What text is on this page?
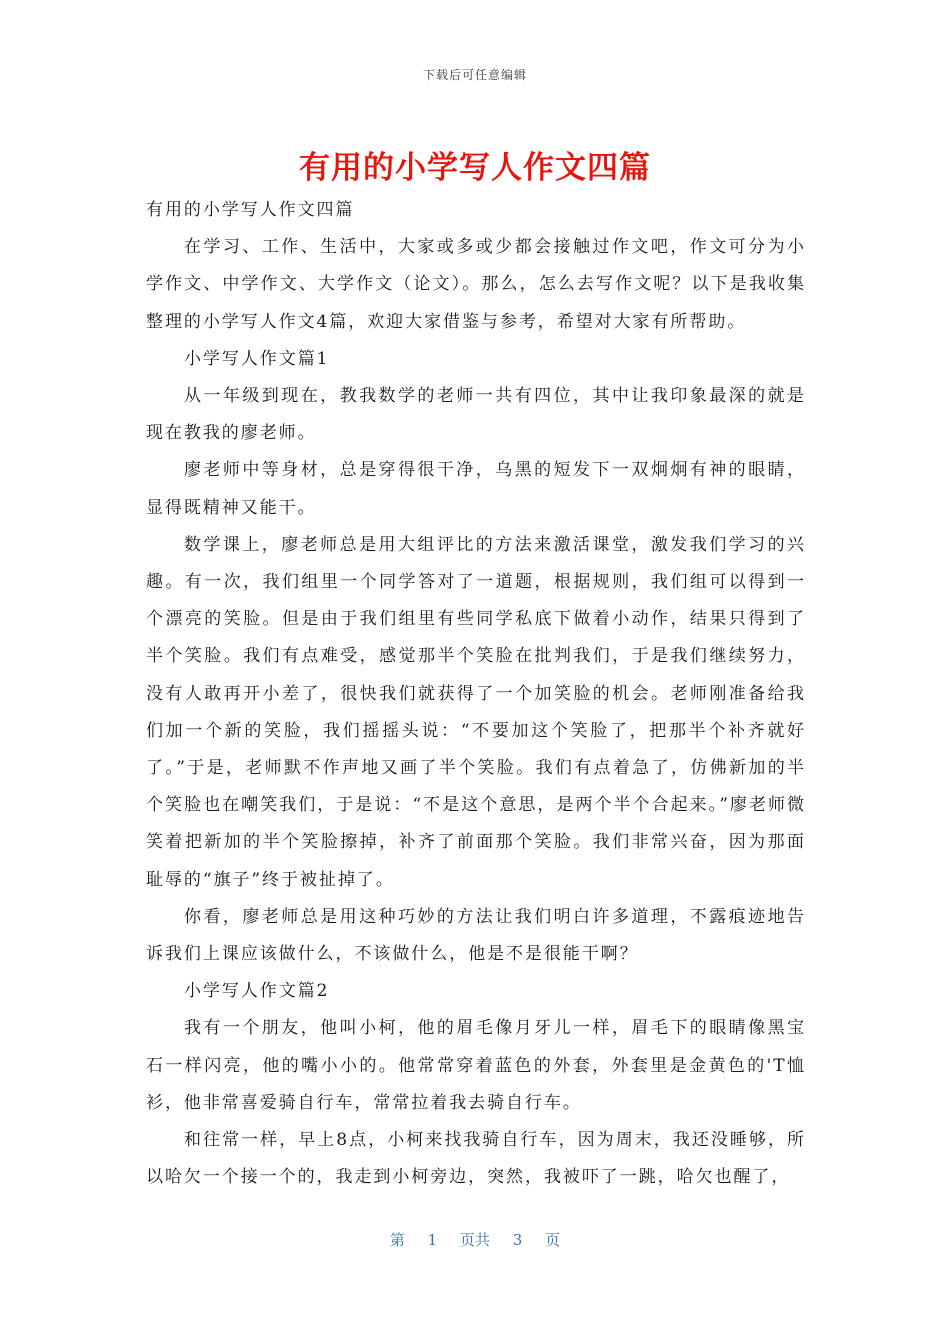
下载后可任意编辑
有用的小学写人作文四篇

有用的小学写人作文四篇

在学习、工作、生活中，大家或多或少都会接触过作文吧，作文可分为小学作文、中学作文、大学作文（论文）。那么，怎么去写作文呢？以下是我收集整理的小学写人作文4篇，欢迎大家借鉴与参考，希望对大家有所帮助。

小学写人作文篇1

从一年级到现在，教我数学的老师一共有四位，其中让我印象最深的就是现在教我的廖老师。

廖老师中等身材，总是穿得很干净，乌黑的短发下一双炯炯有神的眼睛，显得既精神又能干。

数学课上，廖老师总是用大组评比的方法来激活课堂，激发我们学习的兴趣。有一次，我们组里一个同学答对了一道题，根据规则，我们组可以得到一个漂亮的笑脸。但是由于我们组里有些同学私底下做着小动作，结果只得到了半个笑脸。我们有点难受，感觉那半个笑脸在批判我们，于是我们继续努力，没有人敢再开小差了，很快我们就获得了一个加笑脸的机会。老师刚准备给我们加一个新的笑脸，我们摇摇头说：“不要加这个笑脸了，把那半个补齐就好了。”于是，老师默不作声地又画了半个笑脸。我们有点着急了，仿佛新加的半个笑脸也在嘲笑我们，于是说：“不是这个意思，是两个半个合起来。”廖老师微笑着把新加的半个笑脸擦掉，补齐了前面那个笑脸。我们非常兴奋，因为那面耻辱的“旗子”终于被扯掉了。

你看，廖老师总是用这种巧妙的方法让我们明白许多道理，不露痕迹地告诉我们上课应该做什么，不该做什么，他是不是很能干啊？

小学写人作文篇2

我有一个朋友，他叫小柯，他的眉毛像月牙儿一样，眉毛下的眼睛像黑宝石一样闪亮，他的嘴小小的。他常常穿着蓝色的外套，外套里是金黄色的'T恤衫，他非常喜爱骑自行车，常常拉着我去骑自行车。

和往常一样，早上8点，小柯来找我骑自行车，因为周末，我还没睡够，所以哈欠一个接一个的，我走到小柯旁边，突然，我被吓了一跳，哈欠也醒了，

第 1 页共 3 页
